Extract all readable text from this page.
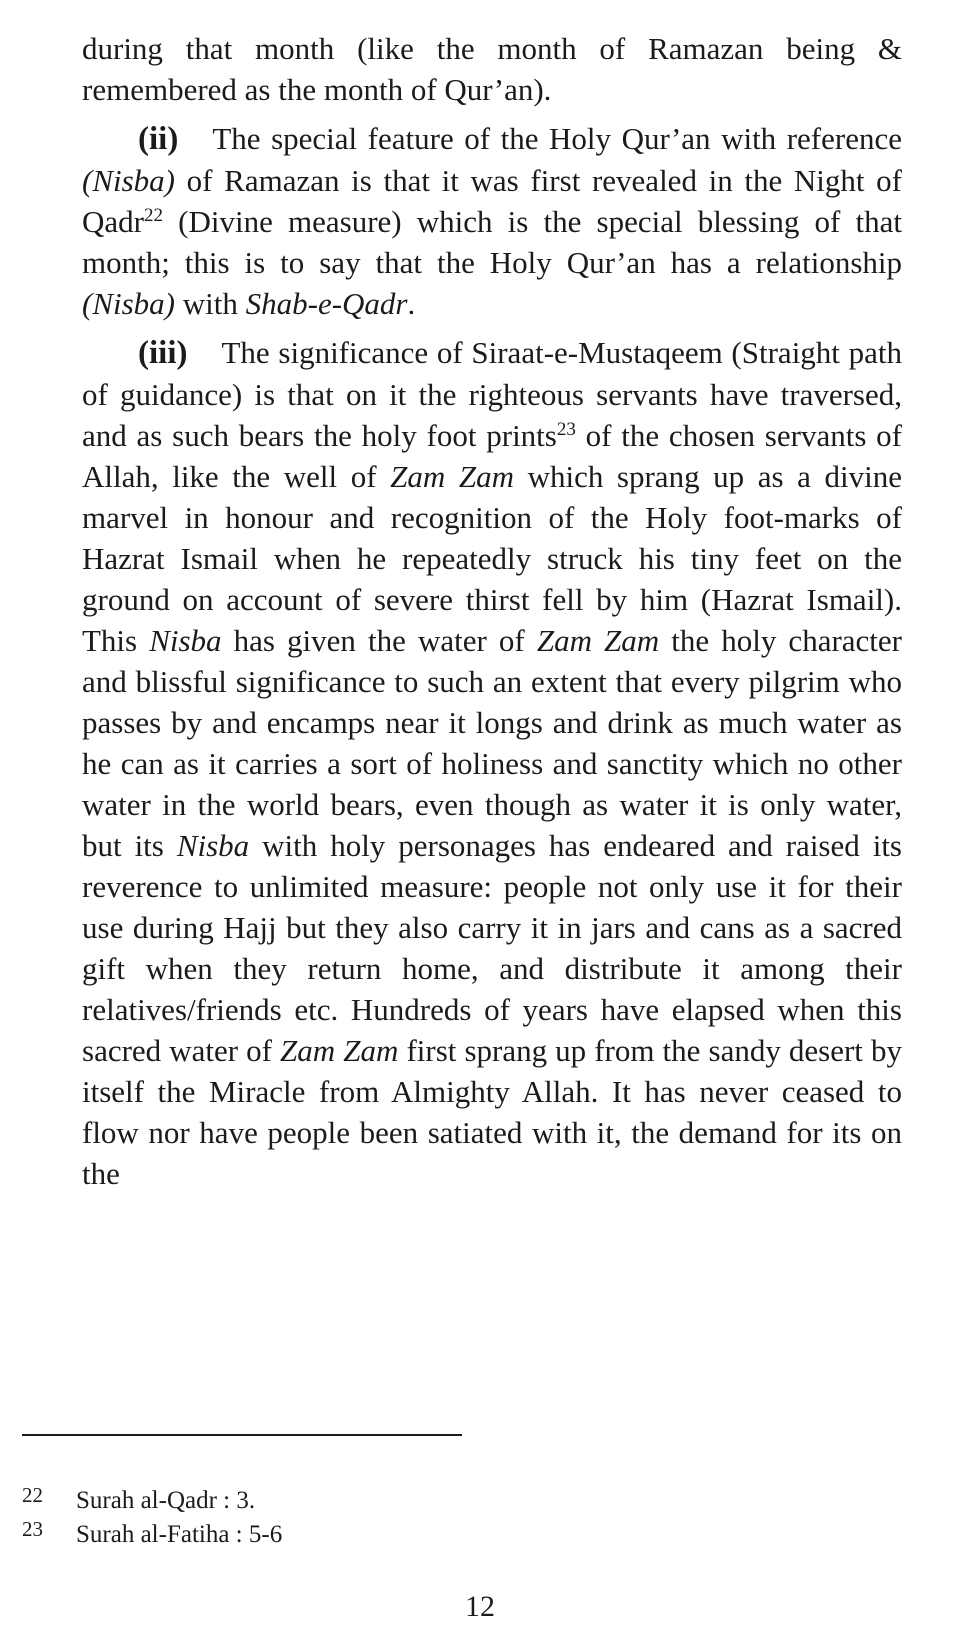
during that month (like the month of Ramazan being & remembered as the month of Qur’an).

(ii) The special feature of the Holy Qur’an with reference (Nisba) of Ramazan is that it was first revealed in the Night of Qadr$^{22}$ (Divine measure) which is the special blessing of that month; this is to say that the Holy Qur’an has a relationship (Nisba) with Shab-e-Qadr.

(iii) The significance of Siraat-e-Mustaqeem (Straight path of guidance) is that on it the righteous servants have traversed, and as such bears the holy foot prints$^{23}$ of the chosen servants of Allah, like the well of Zam Zam which sprang up as a divine marvel in honour and recognition of the Holy foot-marks of Hazrat Ismail when he repeatedly struck his tiny feet on the ground on account of severe thirst fell by him (Hazrat Ismail). This Nisba has given the water of Zam Zam the holy character and blissful significance to such an extent that every pilgrim who passes by and encamps near it longs and drink as much water as he can as it carries a sort of holiness and sanctity which no other water in the world bears, even though as water it is only water, but its Nisba with holy personages has endeared and raised its reverence to unlimited measure: people not only use it for their use during Hajj but they also carry it in jars and cans as a sacred gift when they return home, and distribute it among their relatives/friends etc. Hundreds of years have elapsed when this sacred water of Zam Zam first sprang up from the sandy desert by itself the Miracle from Almighty Allah. It has never ceased to flow nor have people been satiated with it, the demand for its on the

22 Surah al-Qadr : 3.
23 Surah al-Fatiha : 5-6
12
